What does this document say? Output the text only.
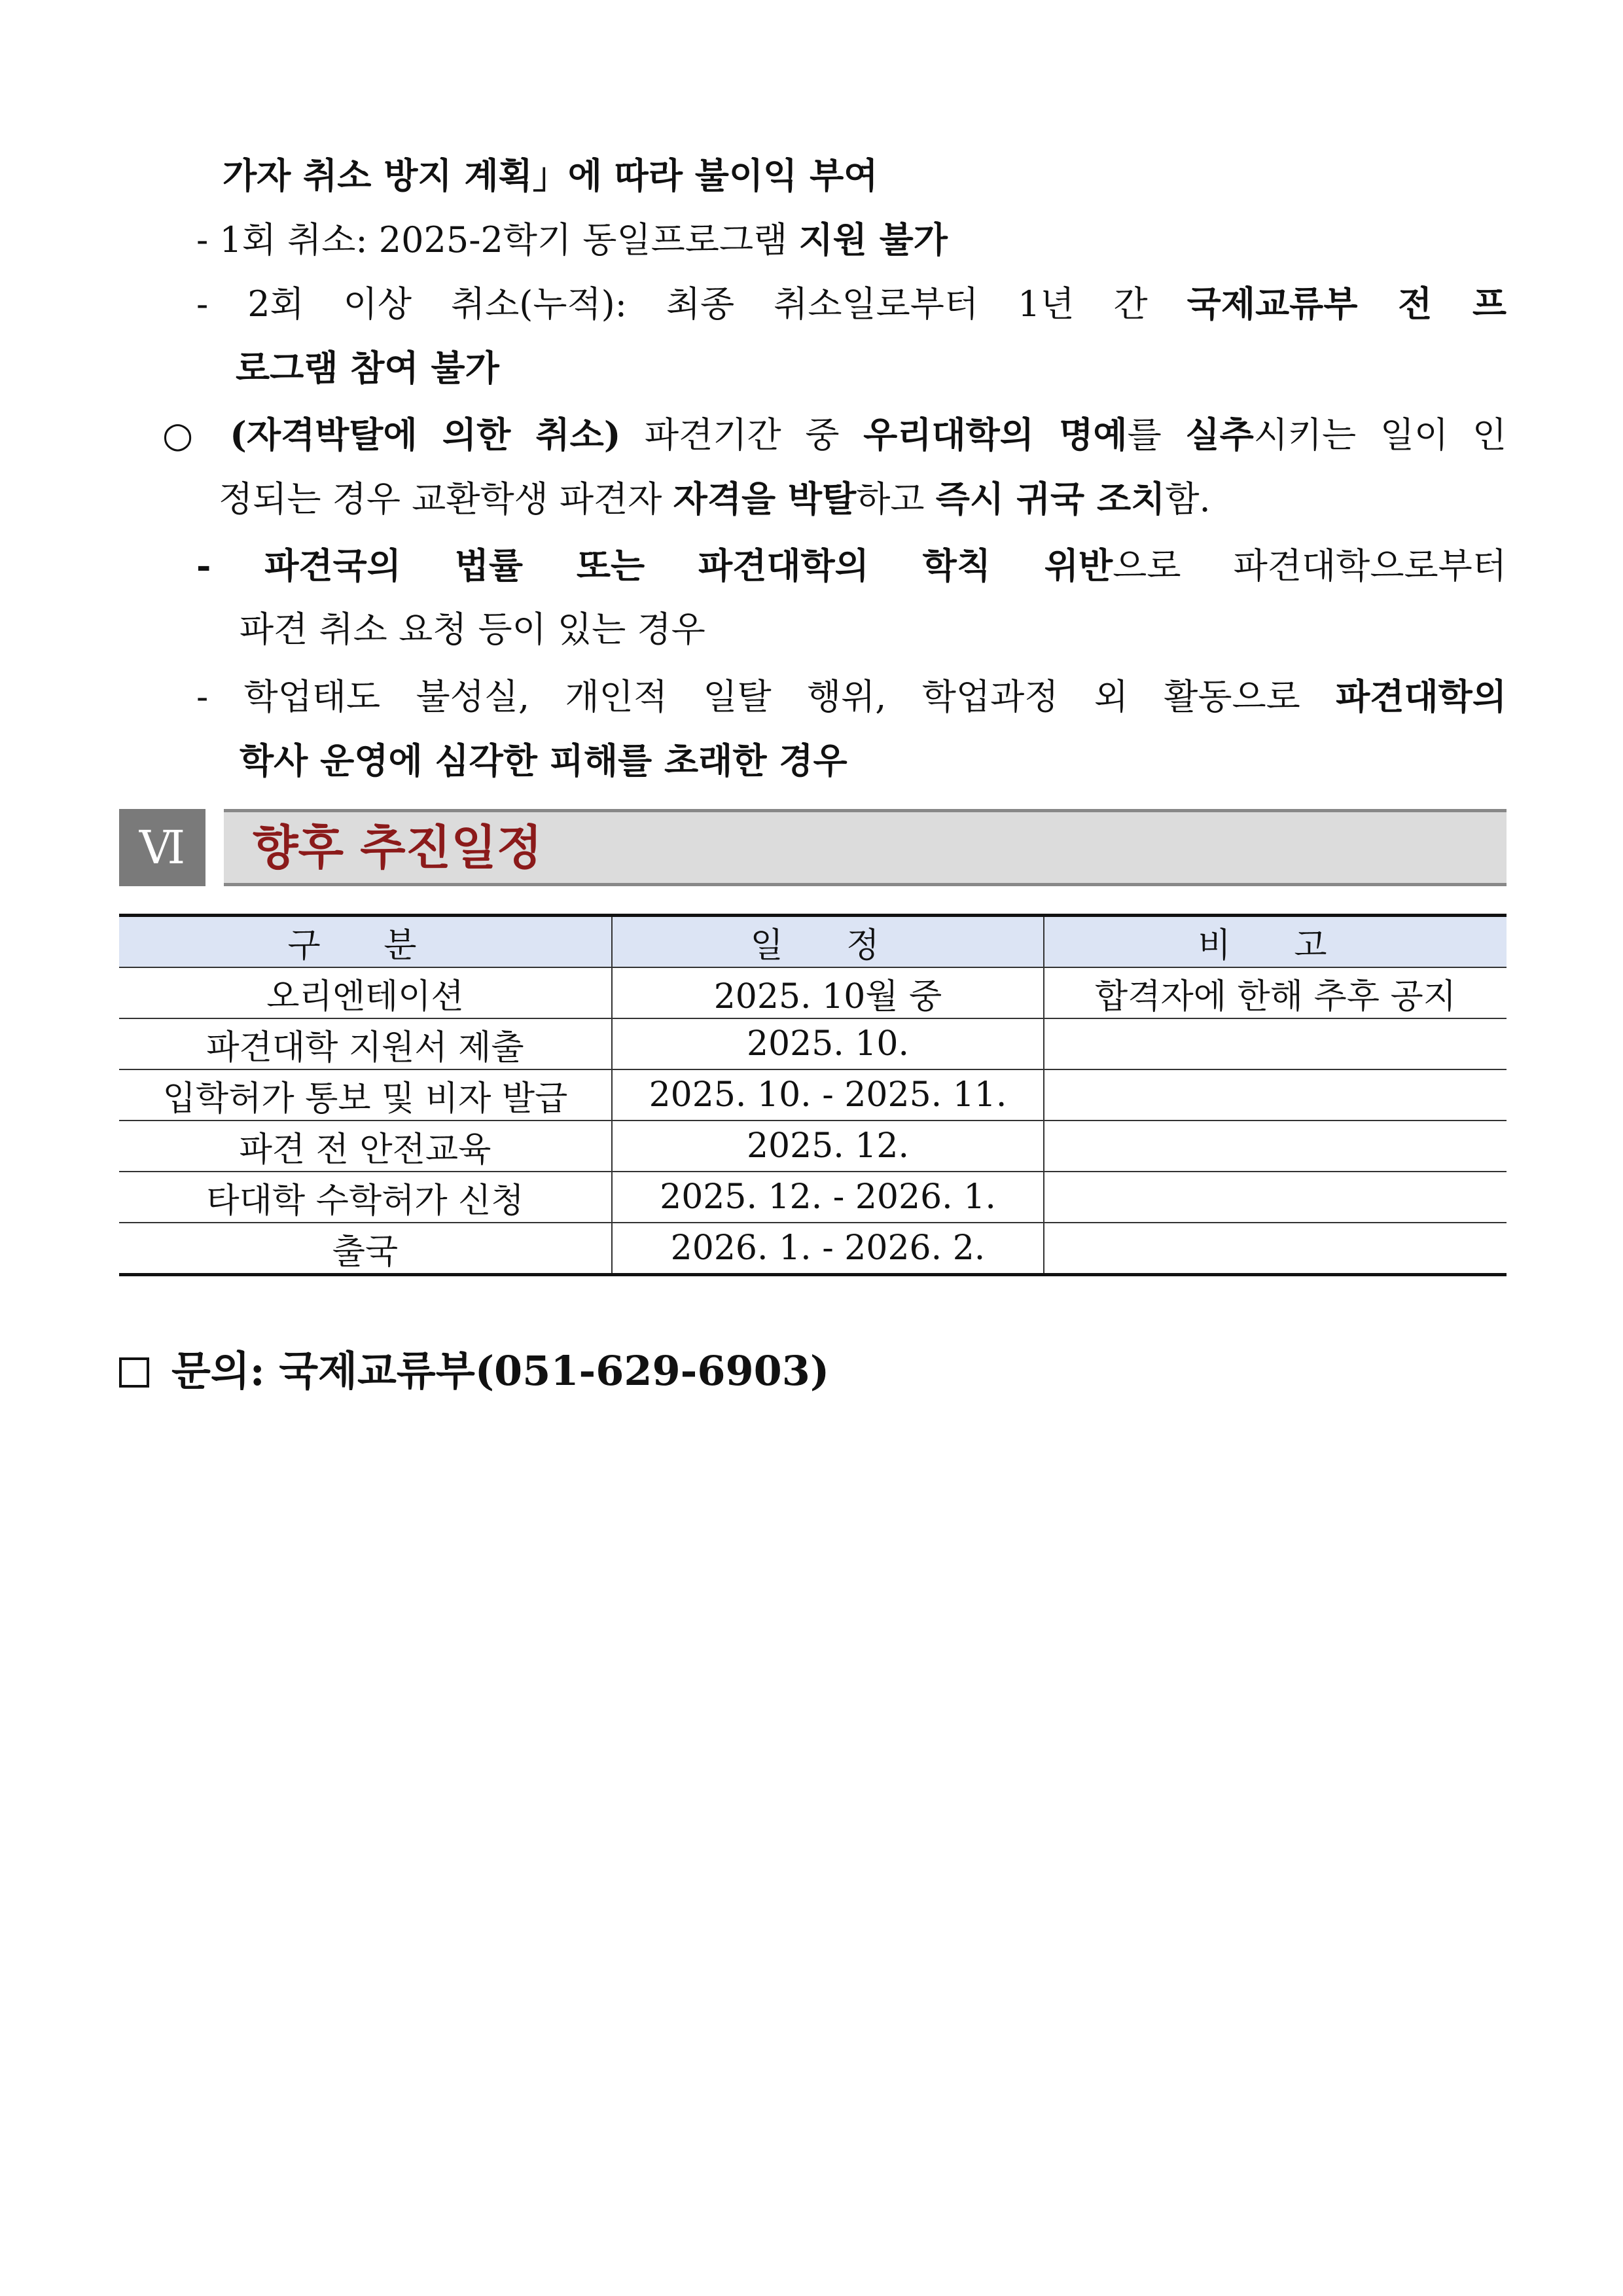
가자 취소 방지 계획」에 따라 불이익 부여
- 1회 취소: 2025-2학기 동일프로그램 지원 불가
- 2회 이상 취소(누적): 최종 취소일로부터 1년 간 국제교류부 전 프
로그램 참여 불가
○ (자격박탈에 의한 취소) 파견기간 중 우리대학의 명예를 실추시키는 일이 인
정되는 경우 교환학생 파견자 자격을 박탈하고 즉시 귀국 조치함.
- 파견국의 법률 또는 파견대학의 학칙 위반으로 파견대학으로부터
파견 취소 요청 등이 있는 경우
- 학업태도 불성실, 개인적 일탈 행위, 학업과정 외 활동으로 파견대학의
학사 운영에 심각한 피해를 초래한 경우
Ⅵ	향후 추진일정
구 분	일 정	비 고
오리엔테이션	2025. 10월 중	합격자에 한해 추후 공지
파견대학 지원서 제출	2025. 10.	
입학허가 통보 및 비자 발급	2025. 10. - 2025. 11.	
파견 전 안전교육	2025. 12.	
타대학 수학허가 신청	2025. 12. - 2026. 1.	
출국	2026. 1. - 2026. 2.	
문의: 국제교류부(051-629-6903)
